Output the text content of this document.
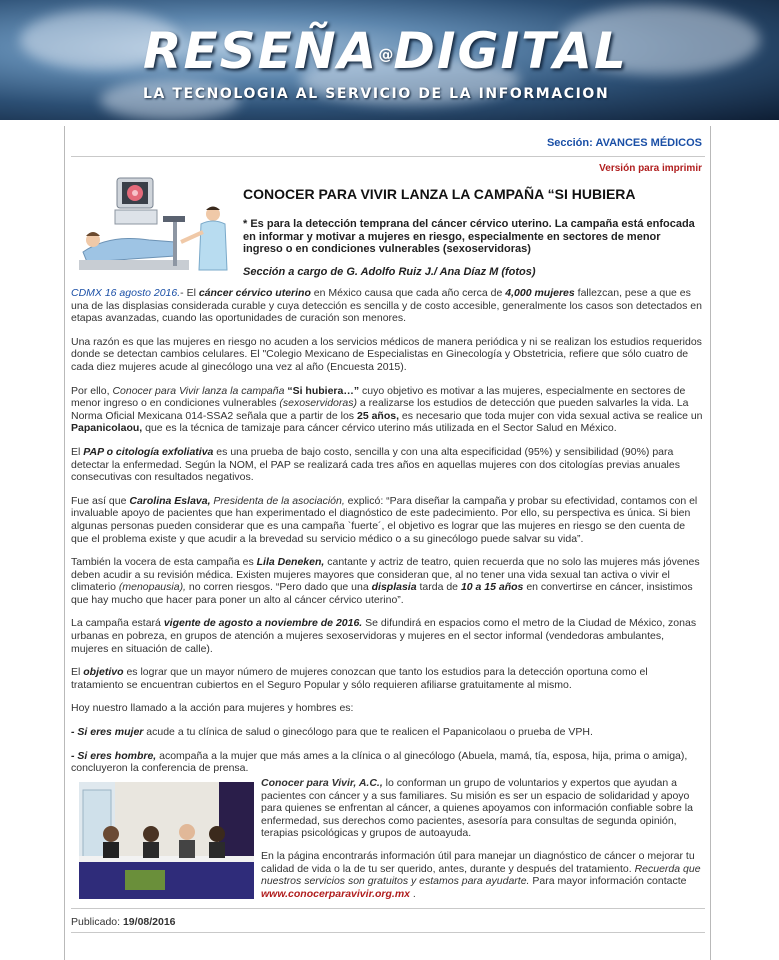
RESEÑA@DIGITAL
LA TECNOLOGIA AL SERVICIO DE LA INFORMACION
Sección: AVANCES MÉDICOS
Versión para imprimir
CONOCER PARA VIVIR LANZA LA CAMPAÑA “SI HUBIERA
* Es para la detección temprana del cáncer cérvico uterino. La campaña está enfocada en informar y motivar a mujeres en riesgo, especialmente en sectores de menor ingreso o en condiciones vulnerables (sexoservidoras)
Sección a cargo de G. Adolfo Ruiz J./ Ana Díaz M (fotos)

CDMX 16 agosto 2016.- El cáncer cérvico uterino en México causa que cada año cerca de 4,000 mujeres fallezcan, pese a que es una de las displasias considerada curable y cuya detección es sencilla y de costo accesible, generalmente los casos son detectados en etapas avanzadas, cuando las oportunidades de curación son menores.

Una razón es que las mujeres en riesgo no acuden a los servicios médicos de manera periódica y ni se realizan los estudios requeridos donde se detectan cambios celulares. El "Colegio Mexicano de Especialistas en Ginecología y Obstetricia, refiere que sólo cuatro de cada diez mujeres acude al ginecólogo una vez al año (Encuesta 2015).

Por ello, Conocer para Vivir lanza la campaña “Si hubiera…” cuyo objetivo es motivar a las mujeres, especialmente en sectores de menor ingreso o en condiciones vulnerables (sexoservidoras) a realizarse los estudios de detección que pueden salvarles la vida. La Norma Oficial Mexicana 014-SSA2 señala que a partir de los 25 años, es necesario que toda mujer con vida sexual activa se realice un Papanicolaou, que es la técnica de tamizaje para cáncer cérvico uterino más utilizada en el Sector Salud en México.

El PAP o citología exfoliativa es una prueba de bajo costo, sencilla y con una alta especificidad (95%) y sensibilidad (90%) para detectar la enfermedad. Según la NOM, el PAP se realizará cada tres años en aquellas mujeres con dos citologías previas anuales consecutivas con resultados negativos.

Fue así que Carolina Eslava, Presidenta de la asociación, explicó: “Para diseñar la campaña y probar su efectividad, contamos con el invaluable apoyo de pacientes que han experimentado el diagnóstico de este padecimiento. Por ello, su perspectiva es única. Si bien algunas personas pueden considerar que es una campaña `fuerte´, el objetivo es lograr que las mujeres en riesgo se den cuenta de que el problema existe y que acudir a la brevedad su servicio médico o a su ginecólogo puede salvar su vida”.

También la vocera de esta campaña es Lila Deneken, cantante y actriz de teatro, quien recuerda que no solo las mujeres más jóvenes deben acudir a su revisión médica. Existen mujeres mayores que consideran que, al no tener una vida sexual tan activa o vivir el climaterio (menopausia), no corren riesgos. “Pero dado que una displasia tarda de 10 a 15 años en convertirse en cáncer, insistimos que hay mucho que hacer para poner un alto al cáncer cérvico uterino”.

La campaña estará vigente de agosto a noviembre de 2016. Se difundirá en espacios como el metro de la Ciudad de México, zonas urbanas en pobreza, en grupos de atención a mujeres sexoservidoras y mujeres en el sector informal (vendedoras ambulantes, mujeres en situación de calle).

El objetivo es lograr que un mayor número de mujeres conozcan que tanto los estudios para la detección oportuna como el tratamiento se encuentran cubiertos en el Seguro Popular y sólo requieren afiliarse gratuitamente al mismo.

Hoy nuestro llamado a la acción para mujeres y hombres es:

- Si eres mujer acude a tu clínica de salud o ginecólogo para que te realicen el Papanicolaou o prueba de VPH.

- Si eres hombre, acompaña a la mujer que más ames a la clínica o al ginecólogo (Abuela, mamá, tía, esposa, hija, prima o amiga), concluyeron la conferencia de prensa.

Conocer para Vivir, A.C., lo conforman un grupo de voluntarios y expertos que ayudan a pacientes con cáncer y a sus familiares. Su misión es ser un espacio de solidaridad y apoyo para quienes se enfrentan al cáncer, a quienes apoyamos con información confiable sobre la enfermedad, sus derechos como pacientes, asesoría para consultas de segunda opinión, terapias psicológicas y grupos de autoayuda.

En la página encontrarás información útil para manejar un diagnóstico de cáncer o mejorar tu calidad de vida o la de tu ser querido, antes, durante y después del tratamiento. Recuerda que nuestros servicios son gratuitos y estamos para ayudarte. Para mayor información contacte www.conocerparavivir.org.mx .

Publicado: 19/08/2016
